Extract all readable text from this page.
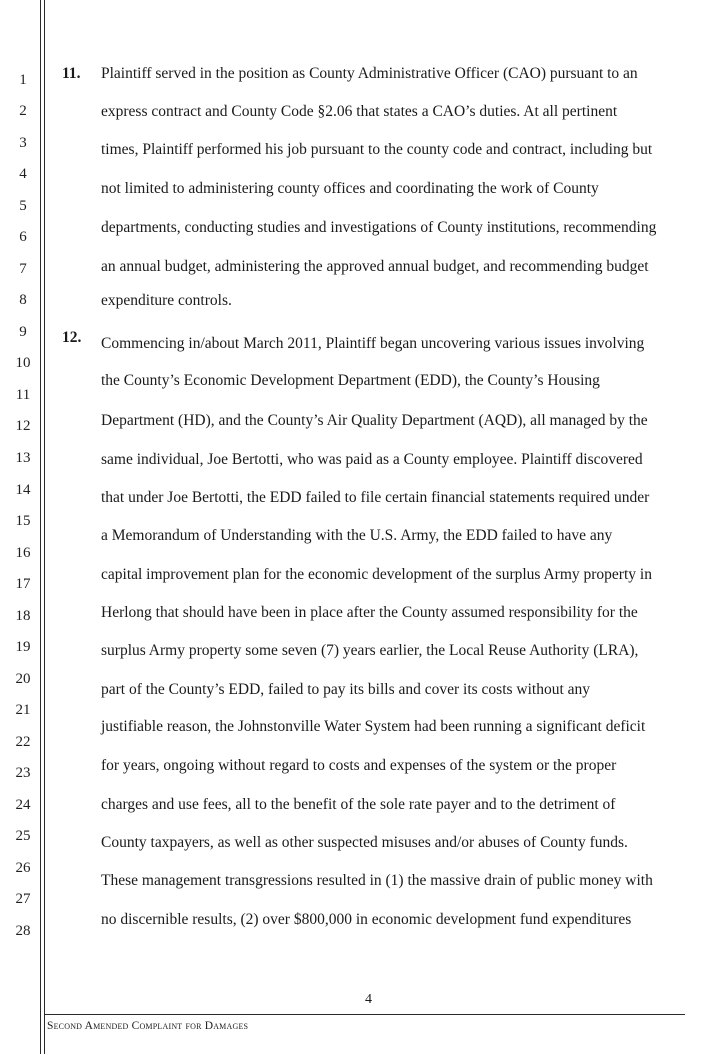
1
2
3
4
5
6
7
8
9
10
11
12
13
14
15
16
17
18
19
20
21
22
23
24
25
26
27
28
11. Plaintiff served in the position as County Administrative Officer (CAO) pursuant to an
express contract and County Code §2.06 that states a CAO’s duties. At all pertinent
times, Plaintiff performed his job pursuant to the county code and contract, including but
not limited to administering county offices and coordinating the work of County
departments, conducting studies and investigations of County institutions, recommending
an annual budget, administering the approved annual budget, and recommending budget
expenditure controls.
12. Commencing in/about March 2011, Plaintiff began uncovering various issues involving
the County’s Economic Development Department (EDD), the County’s Housing
Department (HD), and the County’s Air Quality Department (AQD), all managed by the
same individual, Joe Bertotti, who was paid as a County employee. Plaintiff discovered
that under Joe Bertotti, the EDD failed to file certain financial statements required under
a Memorandum of Understanding with the U.S. Army, the EDD failed to have any
capital improvement plan for the economic development of the surplus Army property in
Herlong that should have been in place after the County assumed responsibility for the
surplus Army property some seven (7) years earlier, the Local Reuse Authority (LRA),
part of the County’s EDD, failed to pay its bills and cover its costs without any
justifiable reason, the Johnstonville Water System had been running a significant deficit
for years, ongoing without regard to costs and expenses of the system or the proper
charges and use fees, all to the benefit of the sole rate payer and to the detriment of
County taxpayers, as well as other suspected misuses and/or abuses of County funds.
These management transgressions resulted in (1) the massive drain of public money with
no discernible results, (2) over $800,000 in economic development fund expenditures
4
Second Amended Complaint for Damages
